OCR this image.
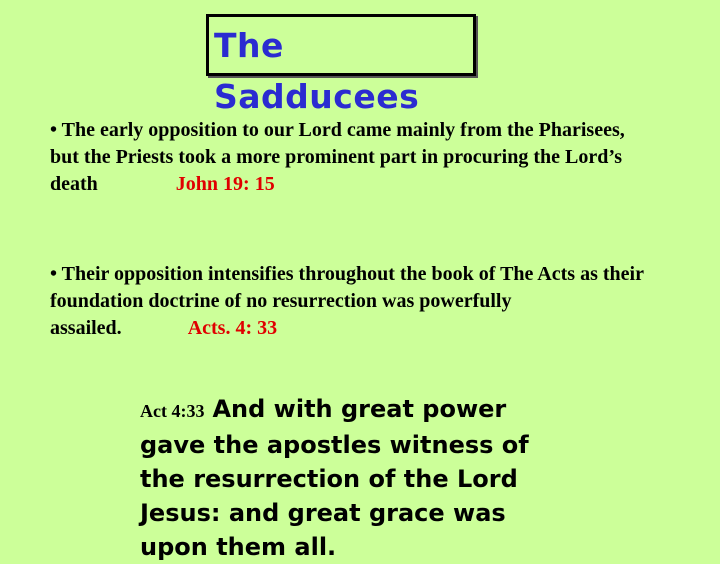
The
Sadducees

• The early opposition to our Lord came mainly from the Pharisees, but the Priests took a more prominent part in procuring the Lord’s death	John 19: 15

• Their opposition intensifies throughout the book of The Acts as their foundation doctrine of no resurrection was powerfully assailed.	Acts. 4: 33

Act 4:33 And with great power gave the apostles witness of the resurrection of the Lord Jesus: and great grace was upon them all.
